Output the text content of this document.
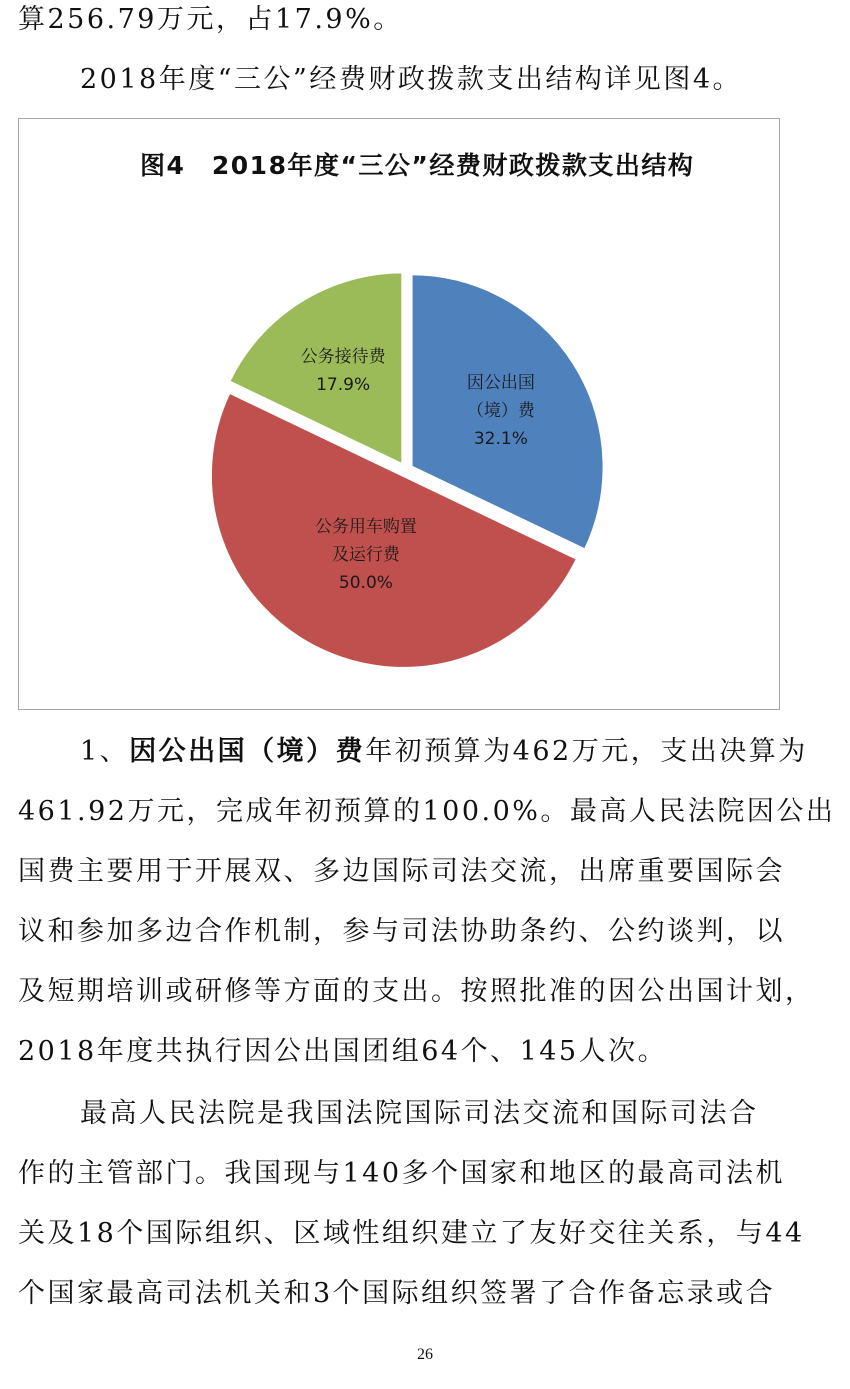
算256.79万元，占17.9%。
2018年度“三公”经费财政拨款支出结构详见图4。
图4　2018年度“三公”经费财政拨款支出结构
因公出国
（境）费
32.1%
公务用车购置
及运行费
50.0%
公务接待费
17.9%
1、因公出国（境）费年初预算为462万元，支出决算为
461.92万元，完成年初预算的100.0%。最高人民法院因公出
国费主要用于开展双、多边国际司法交流，出席重要国际会
议和参加多边合作机制，参与司法协助条约、公约谈判，以
及短期培训或研修等方面的支出。按照批准的因公出国计划，
2018年度共执行因公出国团组64个、145人次。
最高人民法院是我国法院国际司法交流和国际司法合
作的主管部门。我国现与140多个国家和地区的最高司法机
关及18个国际组织、区域性组织建立了友好交往关系，与44
个国家最高司法机关和3个国际组织签署了合作备忘录或合
26
